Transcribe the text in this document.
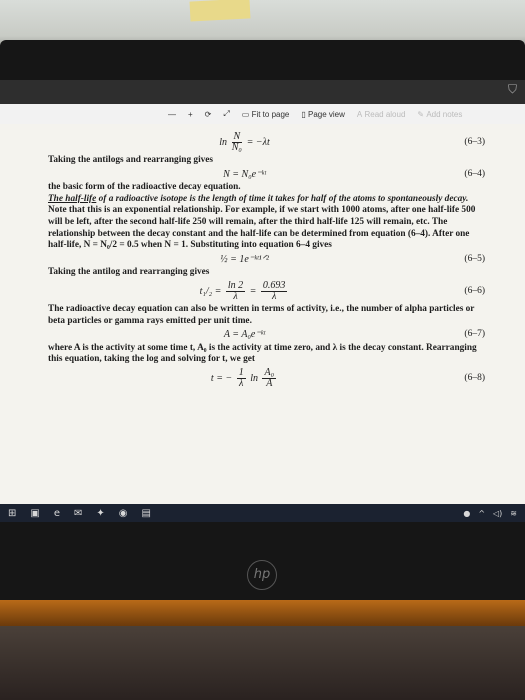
⛉
— + ⟳ ⤢ ▭ Fit to page ▯ Page view A Read aloud ✎ Add notes
$\ln \frac{N}{\text{N₀}} = -\lambda t$	(6–3)

Taking the antilogs and rearranging gives

N = N₀e⁻ᵏᵗ	(6–4)

the basic form of the radioactive decay equation.

The half-life of a radioactive isotope is the length of time it takes for half of the atoms to spontaneously decay. Note that this is an exponential relationship. For example, if we start with 1000 atoms, after one half-life 500 will be left, after the second half-life 250 will remain, after the third half-life 125 will remain, etc. The relationship between the decay constant and the half-life can be determined from equation (6–4). After one half-life, N = N₀/2 = 0.5 when N = 1. Substituting into equation 6–4 gives

½ = 1e⁻ᵏᵗ¹ᐟ²	(6–5)

Taking the antilog and rearranging gives

$t_1/_2 = \frac{\ln 2}{\lambda} = \frac{0.693}{\lambda}$	(6–6)

The radioactive decay equation can also be written in terms of activity, i.e., the number of alpha particles or beta particles or gamma rays emitted per unit time.

A = A₀e⁻ᵏᵗ	(6–7)

where A is the activity at some time t, A₀ is the activity at time zero, and λ is the decay constant. Rearranging this equation, taking the log and solving for t, we get

t = − $\frac{1}{\lambda}$ $\ln \frac{\text{A₀}}{A}$	(6–8)
⊞ ▣ e ✉ ✦ ◉ ▤	● ^ ◁) ≋
hp
